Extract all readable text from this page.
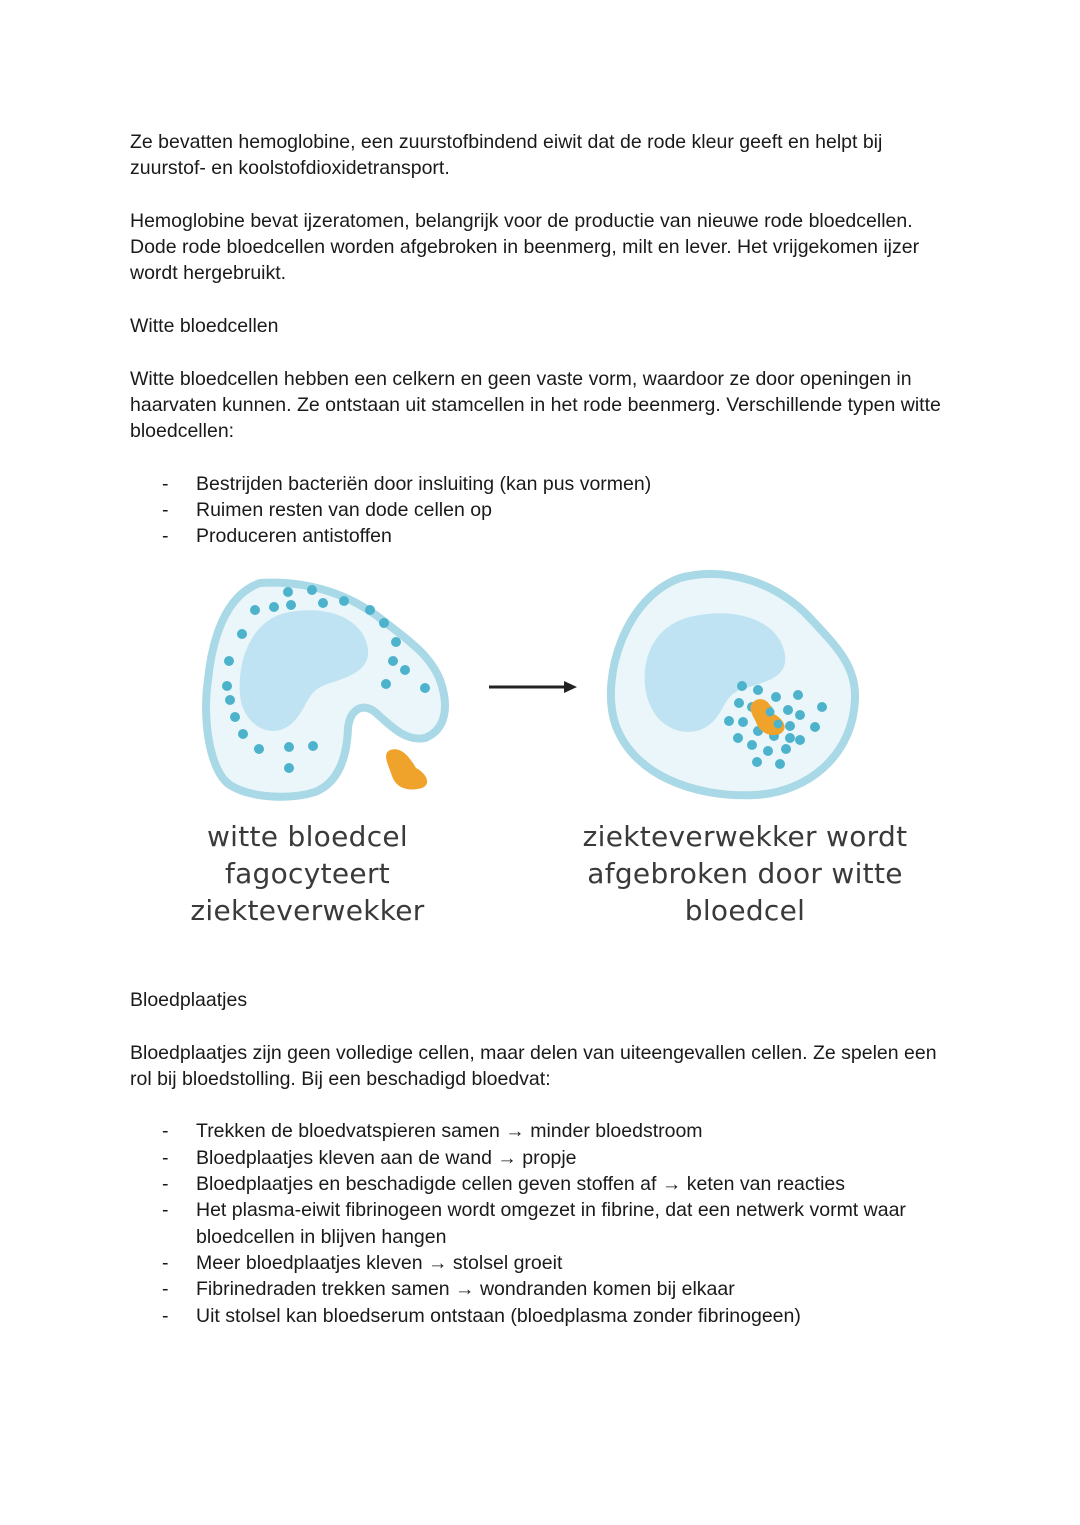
Ze bevatten hemoglobine, een zuurstofbindend eiwit dat de rode kleur geeft en helpt bij zuurstof- en koolstofdioxidetransport.

Hemoglobine bevat ijzeratomen, belangrijk voor de productie van nieuwe rode bloedcellen. Dode rode bloedcellen worden afgebroken in beenmerg, milt en lever. Het vrijgekomen ijzer wordt hergebruikt.

Witte bloedcellen

Witte bloedcellen hebben een celkern en geen vaste vorm, waardoor ze door openingen in haarvaten kunnen. Ze ontstaan uit stamcellen in het rode beenmerg. Verschillende typen witte bloedcellen:

- Bestrijden bacteriën door insluiting (kan pus vormen)
- Ruimen resten van dode cellen op
- Produceren antistoffen
witte bloedcel fagocyteert
ziekteverwekker
ziekteverwekker wordt
afgebroken door witte bloedcel

Bloedplaatjes

Bloedplaatjes zijn geen volledige cellen, maar delen van uiteengevallen cellen. Ze spelen een rol bij bloedstolling. Bij een beschadigd bloedvat:

- Trekken de bloedvatspieren samen → minder bloedstroom
- Bloedplaatjes kleven aan de wand → propje
- Bloedplaatjes en beschadigde cellen geven stoffen af → keten van reacties
- Het plasma-eiwit fibrinogeen wordt omgezet in fibrine, dat een netwerk vormt waar bloedcellen in blijven hangen
- Meer bloedplaatjes kleven → stolsel groeit
- Fibrinedraden trekken samen → wondranden komen bij elkaar
- Uit stolsel kan bloedserum ontstaan (bloedplasma zonder fibrinogeen)
